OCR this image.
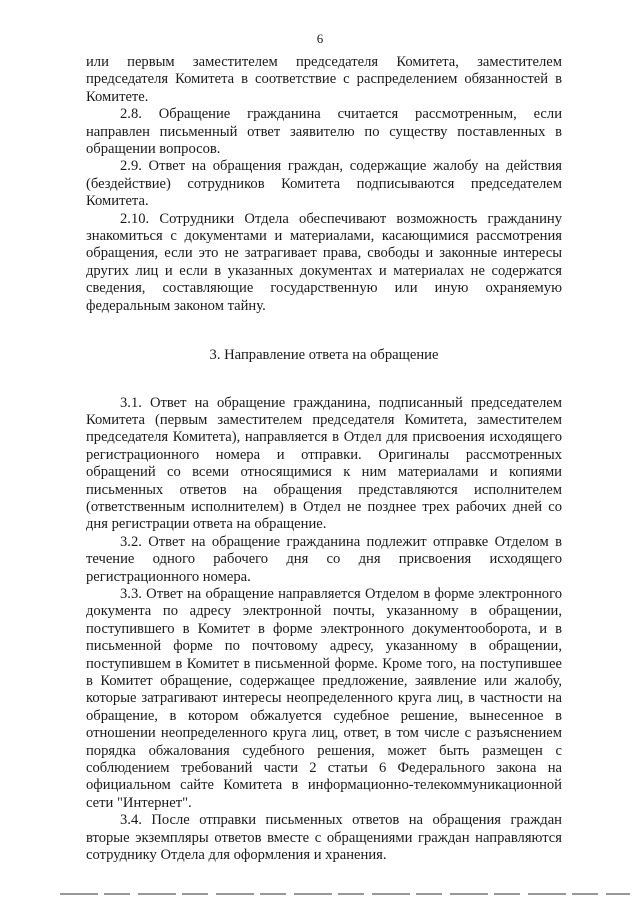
6

или первым заместителем председателя Комитета, заместителем председателя Комитета в соответствие с распределением обязанностей в Комитете.

2.8. Обращение гражданина считается рассмотренным, если направлен письменный ответ заявителю по существу поставленных в обращении вопросов.

2.9. Ответ на обращения граждан, содержащие жалобу на действия (бездействие) сотрудников Комитета подписываются председателем Комитета.

2.10. Сотрудники Отдела обеспечивают возможность гражданину знакомиться с документами и материалами, касающимися рассмотрения обращения, если это не затрагивает права, свободы и законные интересы других лиц и если в указанных документах и материалах не содержатся сведения, составляющие государственную или иную охраняемую федеральным законом тайну.

3. Направление ответа на обращение

3.1. Ответ на обращение гражданина, подписанный председателем Комитета (первым заместителем председателя Комитета, заместителем председателя Комитета), направляется в Отдел для присвоения исходящего регистрационного номера и отправки. Оригиналы рассмотренных обращений со всеми относящимися к ним материалами и копиями письменных ответов на обращения представляются исполнителем (ответственным исполнителем) в Отдел не позднее трех рабочих дней со дня регистрации ответа на обращение.

3.2. Ответ на обращение гражданина подлежит отправке Отделом в течение одного рабочего дня со дня присвоения исходящего регистрационного номера.

3.3. Ответ на обращение направляется Отделом в форме электронного документа по адресу электронной почты, указанному в обращении, поступившего в Комитет в форме электронного документооборота, и в письменной форме по почтовому адресу, указанному в обращении, поступившем в Комитет в письменной форме. Кроме того, на поступившее в Комитет обращение, содержащее предложение, заявление или жалобу, которые затрагивают интересы неопределенного круга лиц, в частности на обращение, в котором обжалуется судебное решение, вынесенное в отношении неопределенного круга лиц, ответ, в том числе с разъяснением порядка обжалования судебного решения, может быть размещен с соблюдением требований части 2 статьи 6 Федерального закона на официальном сайте Комитета в информационно-телекоммуникационной сети "Интернет".

3.4. После отправки письменных ответов на обращения граждан вторые экземпляры ответов вместе с обращениями граждан направляются сотруднику Отдела для оформления и хранения.
